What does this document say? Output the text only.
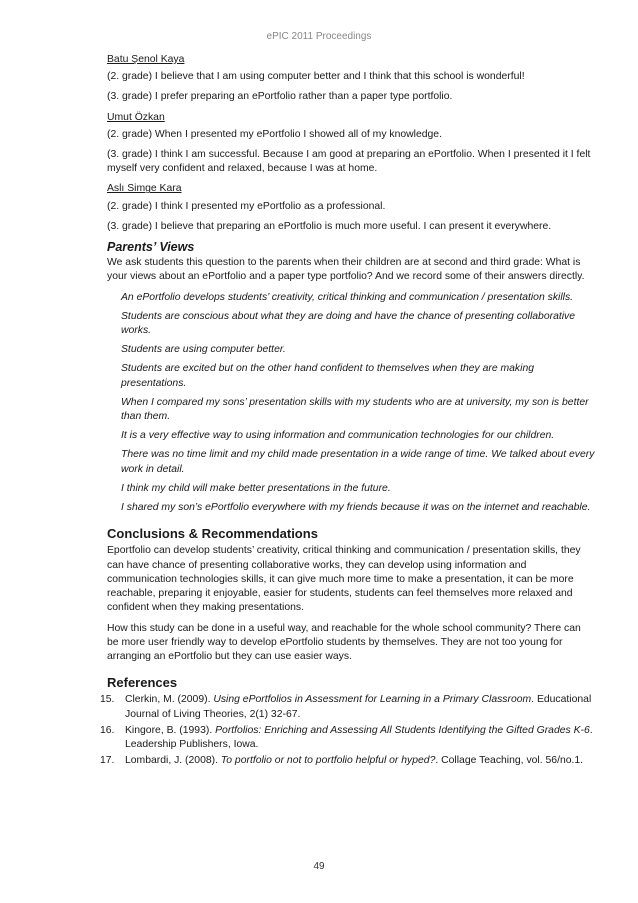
ePIC 2011 Proceedings
Batu Şenol Kaya
(2. grade) I believe that I am using computer better and I think that this school is wonderful!
(3. grade) I prefer preparing an ePortfolio rather than a paper type portfolio.
Umut Özkan
(2. grade) When I presented my ePortfolio I showed all of my knowledge.
(3. grade) I think I am successful. Because I am good at preparing an ePortfolio. When I presented it I felt myself very confident and relaxed, because I was at home.
Aslı Simge Kara
(2. grade) I think I presented my ePortfolio as a professional.
(3. grade) I believe that preparing an ePortfolio is much more useful. I can present it everywhere.
Parents’ Views
We ask students this question to the parents when their children are at second and third grade: What is your views about an ePortfolio and a paper type portfolio? And we record some of their answers directly.
An ePortfolio develops students’ creativity, critical thinking and communication / presentation skills.
Students are conscious about what they are doing and have the chance of presenting collaborative works.
Students are using computer better.
Students are excited but on the other hand confident to themselves when they are making presentations.
When I compared my sons’ presentation skills with my students who are at university, my son is better than them.
It is a very effective way to using information and communication technologies for our children.
There was no time limit and my child made presentation in a wide range of time. We talked about every work in detail.
I think my child will make better presentations in the future.
I shared my son’s ePortfolio everywhere with my friends because it was on the internet and reachable.
Conclusions & Recommendations
Eportfolio can develop students’ creativity, critical thinking and communication / presentation skills, they can have chance of presenting collaborative works, they can develop using information and communication technologies skills, it can give much more time to make a presentation, it can be more reachable, preparing it enjoyable, easier for students, students can feel themselves more relaxed and confident when they making presentations.
How this study can be done in a useful way, and reachable for the whole school community? There can be more user friendly way to develop ePortfolio students by themselves. They are not too young for arranging an ePortfolio but they can use easier ways.
References
15.	Clerkin, M. (2009). Using ePortfolios in Assessment for Learning in a Primary Classroom. Educational Journal of Living Theories, 2(1) 32-67.
16.	Kingore, B. (1993). Portfolios: Enriching and Assessing All Students Identifying the Gifted Grades K-6. Leadership Publishers, Iowa.
17.	Lombardi, J. (2008). To portfolio or not to portfolio helpful or hyped?. Collage Teaching, vol. 56/no.1.
49
